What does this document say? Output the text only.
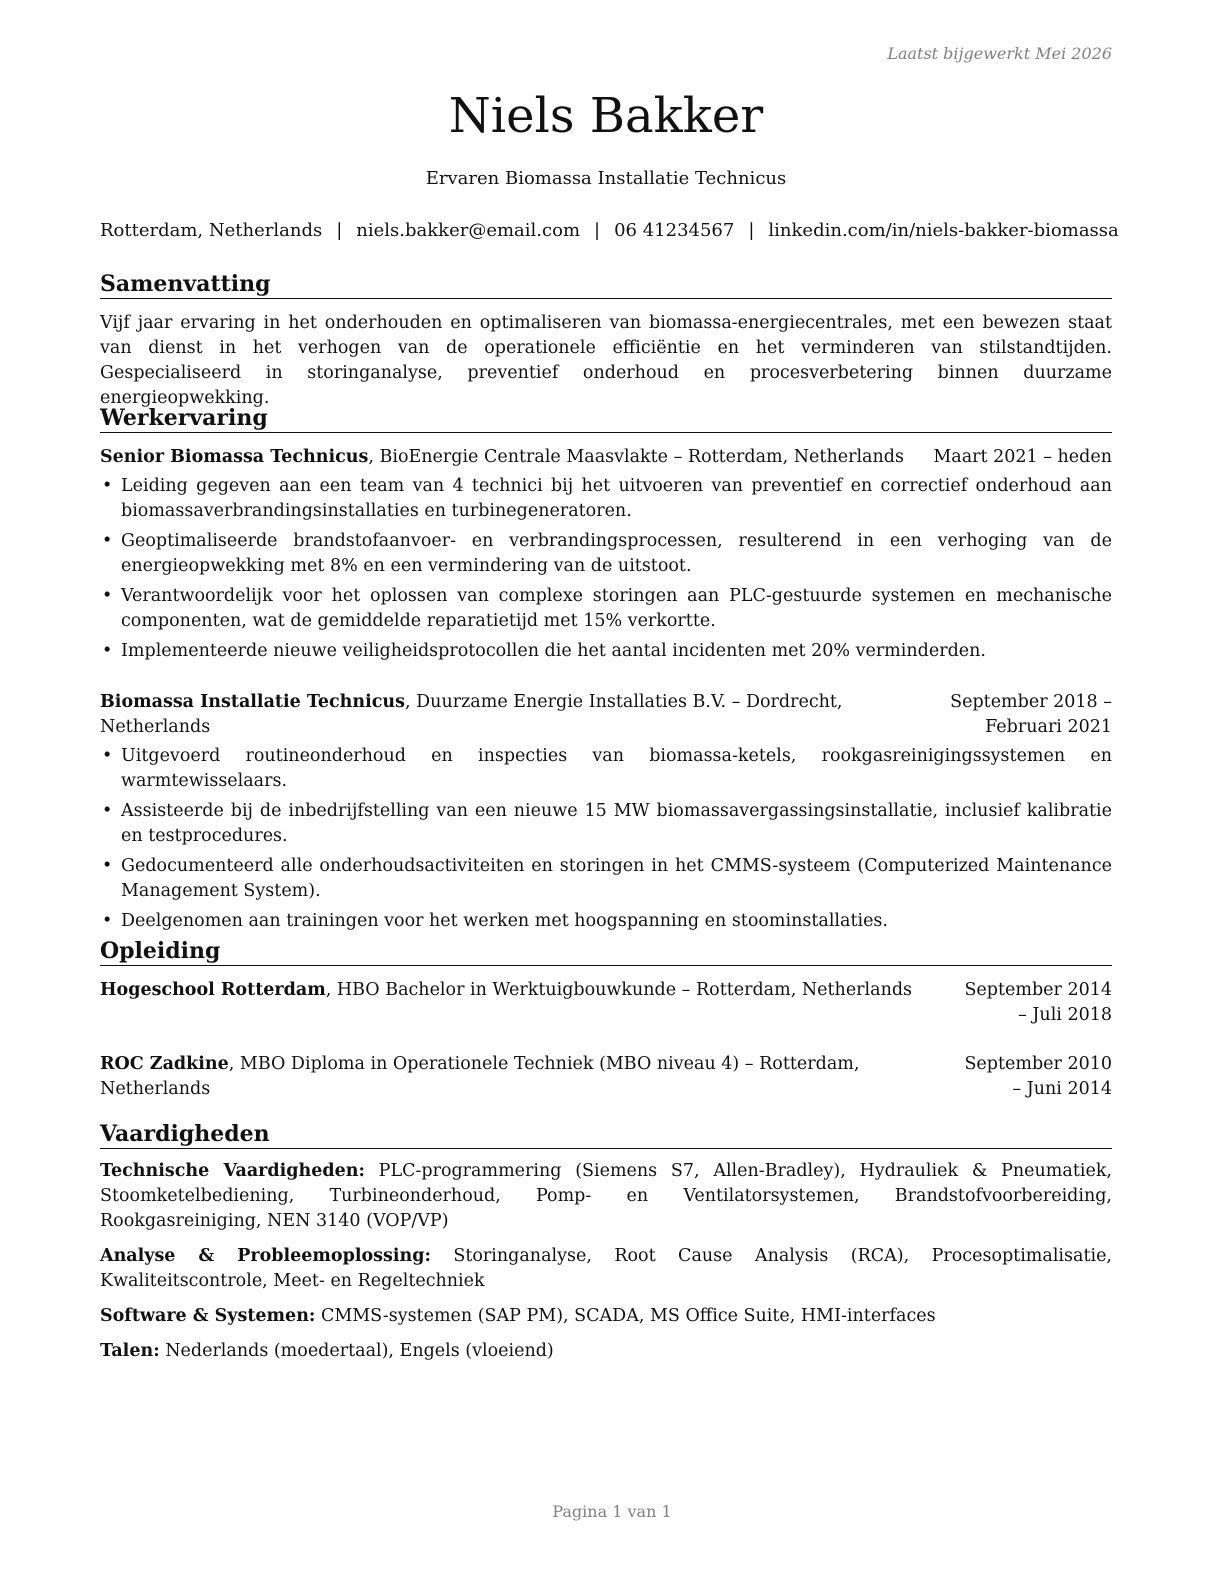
Laatst bijgewerkt Mei 2026
Niels Bakker
Ervaren Biomassa Installatie Technicus
Rotterdam, Netherlands | niels.bakker@email.com | 06 41234567 | linkedin.com/in/niels-bakker-biomassa
Samenvatting

Vijf jaar ervaring in het onderhouden en optimaliseren van biomassa-energiecentrales, met een bewezen staat van dienst in het verhogen van de operationele efficiëntie en het verminderen van stilstandtijden. Gespecialiseerd in storinganalyse, preventief onderhoud en procesverbetering binnen duurzame energieopwekking.

Werkervaring
Senior Biomassa Technicus, BioEnergie Centrale Maasvlakte – Rotterdam, Netherlands	Maart 2021 – heden
• Leiding gegeven aan een team van 4 technici bij het uitvoeren van preventief en correctief onderhoud aan biomassaverbrandingsinstallaties en turbinegeneratoren.
• Geoptimaliseerde brandstofaanvoer- en verbrandingsprocessen, resulterend in een verhoging van de energieopwekking met 8% en een vermindering van de uitstoot.
• Verantwoordelijk voor het oplossen van complexe storingen aan PLC-gestuurde systemen en mechanische componenten, wat de gemiddelde reparatietijd met 15% verkortte.
• Implementeerde nieuwe veiligheidsprotocollen die het aantal incidenten met 20% verminderden.
Biomassa Installatie Technicus, Duurzame Energie Installaties B.V. – Dordrecht, Netherlands
September 2018 – Februari 2021
• Uitgevoerd routineonderhoud en inspecties van biomassa-ketels, rookgasreinigingssystemen en warmtewisselaars.
• Assisteerde bij de inbedrijfstelling van een nieuwe 15 MW biomassavergassingsinstallatie, inclusief kalibratie en testprocedures.
• Gedocumenteerd alle onderhoudsactiviteiten en storingen in het CMMS-systeem (Computerized Maintenance Management System).
• Deelgenomen aan trainingen voor het werken met hoogspanning en stoominstallaties.
Opleiding
Hogeschool Rotterdam, HBO Bachelor in Werktuigbouwkunde – Rotterdam, Netherlands	September 2014 – Juli 2018
ROC Zadkine, MBO Diploma in Operationele Techniek (MBO niveau 4) – Rotterdam, Netherlands
September 2010 – Juni 2014
Vaardigheden

Technische Vaardigheden: PLC-programmering (Siemens S7, Allen-Bradley), Hydrauliek & Pneumatiek, Stoomketelbediening, Turbineonderhoud, Pomp- en Ventilatorsystemen, Brandstofvoorbereiding, Rookgasreiniging, NEN 3140 (VOP/VP)

Analyse & Probleemoplossing: Storinganalyse, Root Cause Analysis (RCA), Procesoptimalisatie, Kwaliteitscontrole, Meet- en Regeltechniek

Software & Systemen: CMMS-systemen (SAP PM), SCADA, MS Office Suite, HMI-interfaces

Talen: Nederlands (moedertaal), Engels (vloeiend)

Pagina 1 van 1
